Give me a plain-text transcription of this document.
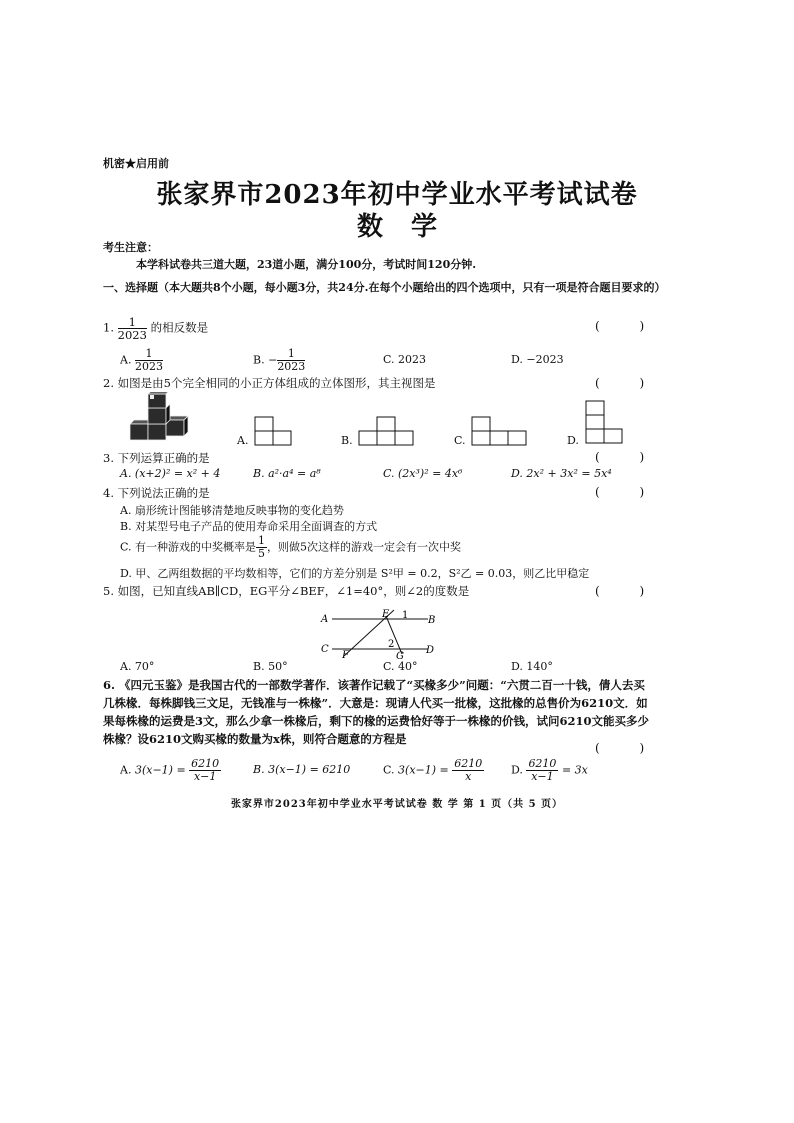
机密★启用前
张家界市2023年初中学业水平考试试卷
数学
考生注意：
本学科试卷共三道大题，23道小题，满分100分，考试时间120分钟.
一、选择题（本大题共8个小题，每小题3分，共24分.在每个小题给出的四个选项中，只有一项是符合题目要求的）
1. $\frac{1}{2023}$ 的相反数是	( )
A. $\frac{1}{2023}$	B. − $\frac{1}{2023}$	C. 2023	D. −2023
2. 如图是由5个完全相同的小正方体组成的立体图形，其主视图是	( )
A.	B.	C.	D.
3. 下列运算正确的是	( )
A. (x+2)² = x² + 4	B. a²·a⁴ = a⁸	C. (2x³)² = 4x⁶	D. 2x² + 3x² = 5x⁴
4. 下列说法正确的是	( )
A. 扇形统计图能够清楚地反映事物的变化趋势
B. 对某型号电子产品的使用寿命采用全面调查的方式
C. 有一种游戏的中奖概率是 $\frac{1}{5}$ ，则做5次这样的游戏一定会有一次中奖
D. 甲、乙两组数据的平均数相等，它们的方差分别是 S²甲 = 0.2，S²乙 = 0.03，则乙比甲稳定
5. 如图，已知直线AB∥CD，EG平分∠BEF，∠1=40°，则∠2的度数是	( )
A	B
C	D
E
F	G
1
2
A. 70°	B. 50°	C. 40°	D. 140°
6. 《四元玉鉴》是我国古代的一部数学著作．该著作记载了“买椽多少”问题：“六贯二百一十钱，倩人去买几株椽．每株脚钱三文足，无钱准与一株椽”．大意是：现请人代买一批椽，这批椽的总售价为6210文．如果每株椽的运费是3文，那么少拿一株椽后，剩下的椽的运费恰好等于一株椽的价钱，试问6210文能买多少株椽？设6210文购买椽的数量为x株，则符合题意的方程是
( )
A. $3(x-1) = \frac{6210}{x-1}$	B. 3(x−1) = 6210	C. $3(x-1) = \frac{6210}{x} D$. $\frac{6210}{x-1} = 3x$
张家界市2023年初中学业水平考试试卷 数 学 第 1 页（共 5 页）
